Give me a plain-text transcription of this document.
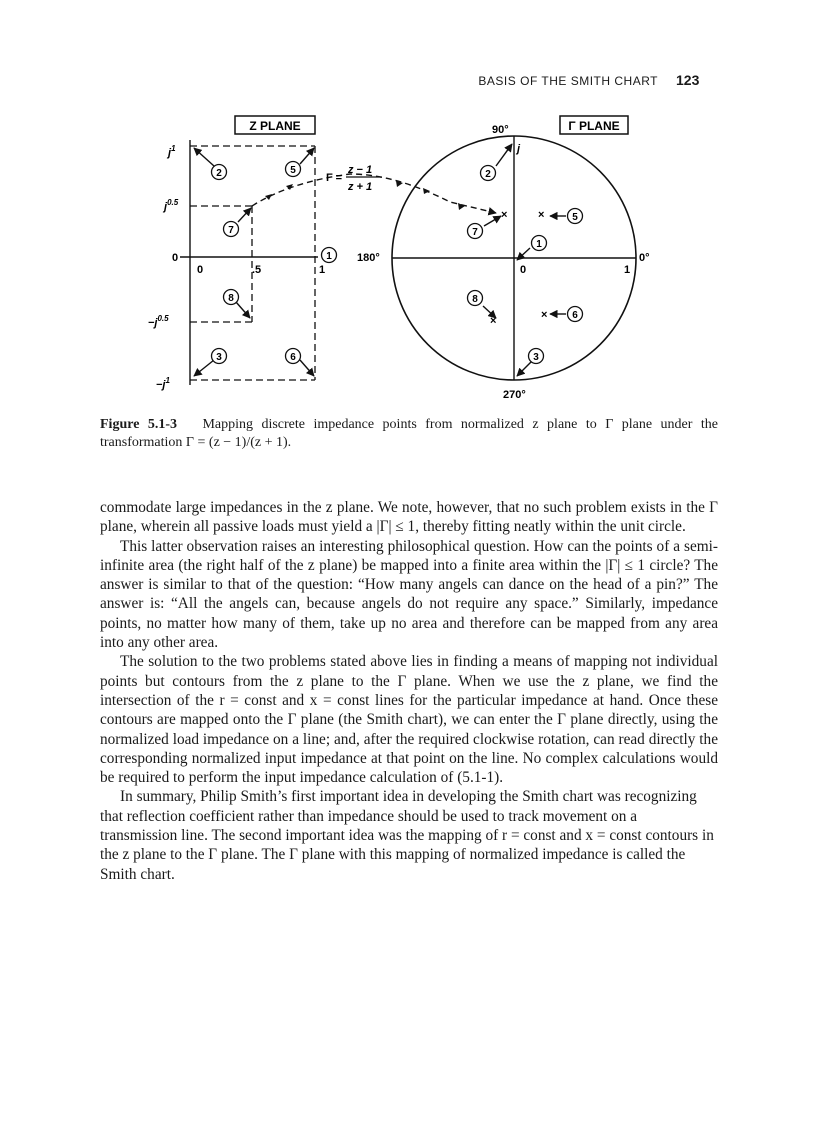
BASIS OF THE SMITH CHART 123
Z PLANE
$j^1$
$j^{0.5}$
0
$-j^{0.5}$
$-j^1$
0	.5	1
Γ =
z − 1
z + 1
2	5
7
1
8
3	6
Γ PLANE
90°
j
180°	0°
270°
0	1
×	×
×	×
2
5
7
1
8
6
3
Figure 5.1-3 Mapping discrete impedance points from normalized z plane to Γ plane under the transformation Γ = (z − 1)/(z + 1).

commodate large impedances in the z plane. We note, however, that no such problem exists in the Γ plane, wherein all passive loads must yield a |Γ| ≤ 1, thereby fitting neatly within the unit circle.

This latter observation raises an interesting philosophical question. How can the points of a semi-infinite area (the right half of the z plane) be mapped into a finite area within the |Γ| ≤ 1 circle? The answer is similar to that of the question: “How many angels can dance on the head of a pin?” The answer is: “All the angels can, because angels do not require any space.” Similarly, impedance points, no matter how many of them, take up no area and therefore can be mapped from any area into any other area.

The solution to the two problems stated above lies in finding a means of mapping not individual points but contours from the z plane to the Γ plane. When we use the z plane, we find the intersection of the r = const and x = const lines for the particular impedance at hand. Once these contours are mapped onto the Γ plane (the Smith chart), we can enter the Γ plane directly, using the normalized load impedance on a line; and, after the required clockwise rotation, can read directly the corresponding normalized input impedance at that point on the line. No complex calculations would be required to perform the input impedance calculation of (5.1-1).

In summary, Philip Smith’s first important idea in developing the Smith chart was recognizing that reflection coefficient rather than impedance should be used to track movement on a transmission line. The second important idea was the mapping of r = const and x = const contours in the z plane to the Γ plane. The Γ plane with this mapping of normalized impedance is called the Smith chart.
